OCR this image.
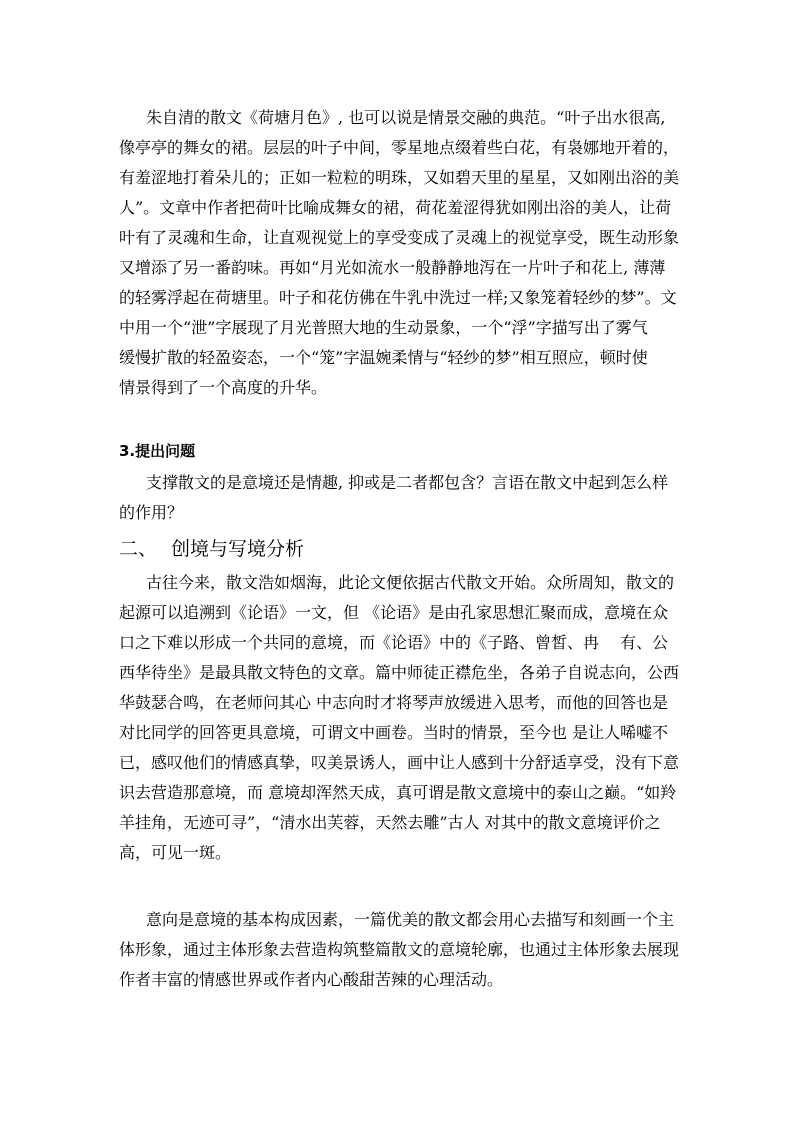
朱自清的散文《荷塘月色》, 也可以说是情景交融的典范。“叶子出水很高,
像亭亭的舞女的裙。层层的叶子中间，零星地点缀着些白花，有袅娜地开着的，
有羞涩地打着朵儿的；正如一粒粒的明珠，又如碧天里的星星，又如刚出浴的美
人”。文章中作者把荷叶比喻成舞女的裙，荷花羞涩得犹如刚出浴的美人，让荷
叶有了灵魂和生命，让直观视觉上的享受变成了灵魂上的视觉享受，既生动形象
又增添了另一番韵味。再如“月光如流水一般静静地泻在一片叶子和花上, 薄薄
的轻雾浮起在荷塘里。叶子和花仿佛在牛乳中洗过一样;又象笼着轻纱的梦”。文
中用一个“泄”字展现了月光普照大地的生动景象，一个“浮”字描写出了雾气
缓慢扩散的轻盈姿态，一个“笼”字温婉柔情与“轻纱的梦”相互照应，顿时使
情景得到了一个高度的升华。
3.提出问题
支撑散文的是意境还是情趣, 抑或是二者都包含？言语在散文中起到怎么样
的作用？
二、 创境与写境分析
古往今来，散文浩如烟海，此论文便依据古代散文开始。众所周知，散文的
起源可以追溯到《论语》一文，但 《论语》是由孔家思想汇聚而成，意境在众
口之下难以形成一个共同的意境，而《论语》中的《子路、曾皙、冉　 有、公
西华待坐》是最具散文特色的文章。篇中师徒正襟危坐，各弟子自说志向，公西
华鼓瑟合鸣，在老师问其心 中志向时才将琴声放缓进入思考，而他的回答也是
对比同学的回答更具意境，可谓文中画卷。当时的情景，至今也 是让人唏嘘不
已，感叹他们的情感真挚，叹美景诱人，画中让人感到十分舒适享受，没有下意
识去营造那意境，而 意境却浑然天成，真可谓是散文意境中的泰山之巅。“如羚
羊挂角，无迹可寻”，“清水出芙蓉，天然去雕”古人 对其中的散文意境评价之
高，可见一斑。
意向是意境的基本构成因素，一篇优美的散文都会用心去描写和刻画一个主
体形象，通过主体形象去营造构筑整篇散文的意境轮廓，也通过主体形象去展现
作者丰富的情感世界或作者内心酸甜苦辣的心理活动。
